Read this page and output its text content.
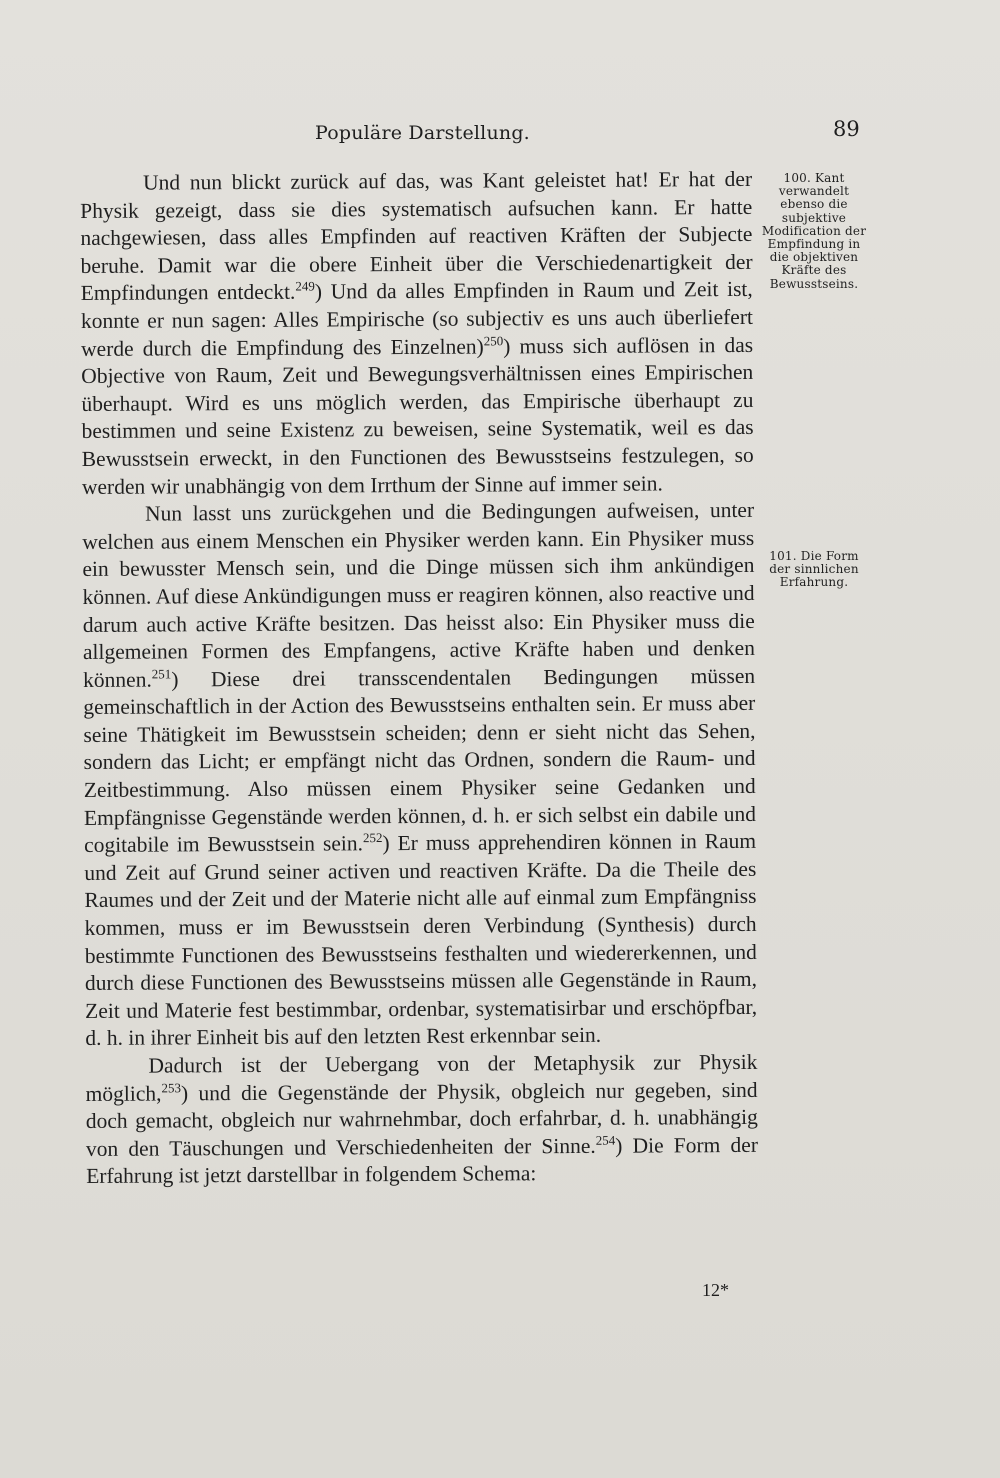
Populäre Darstellung.	89
100. Kant verwandelt ebenso die subjektive Modification der Empfindung in die objektiven Kräfte des Bewusstseins.
101. Die Form der sinnlichen Erfahrung.

Und nun blickt zurück auf das, was Kant geleistet hat! Er hat der Physik gezeigt, dass sie dies systematisch aufsuchen kann. Er hatte nachgewiesen, dass alles Empfinden auf reactiven Kräften der Subjecte beruhe. Damit war die obere Einheit über die Verschiedenartigkeit der Empfindungen entdeckt.$^{249}$) Und da alles Empfinden in Raum und Zeit ist, konnte er nun sagen: Alles Empirische (so subjectiv es uns auch überliefert werde durch die Empfindung des Einzelnen)$^{250}$) muss sich auflösen in das Objective von Raum, Zeit und Bewegungsverhältnissen eines Empirischen überhaupt. Wird es uns möglich werden, das Empirische überhaupt zu bestimmen und seine Existenz zu beweisen, seine Systematik, weil es das Bewusstsein erweckt, in den Functionen des Bewusstseins festzulegen, so werden wir unabhängig von dem Irrthum der Sinne auf immer sein.

Nun lasst uns zurückgehen und die Bedingungen aufweisen, unter welchen aus einem Menschen ein Physiker werden kann. Ein Physiker muss ein bewusster Mensch sein, und die Dinge müssen sich ihm ankündigen können. Auf diese Ankündigungen muss er reagiren können, also reactive und darum auch active Kräfte besitzen. Das heisst also: Ein Physiker muss die allgemeinen Formen des Empfangens, active Kräfte haben und denken können.$^{251}$) Diese drei transscendentalen Bedingungen müssen gemeinschaftlich in der Action des Bewusstseins enthalten sein. Er muss aber seine Thätigkeit im Bewusstsein scheiden; denn er sieht nicht das Sehen, sondern das Licht; er empfängt nicht das Ordnen, sondern die Raum- und Zeitbestimmung. Also müssen einem Physiker seine Gedanken und Empfängnisse Gegenstände werden können, d. h. er sich selbst ein dabile und cogitabile im Bewusstsein sein.$^{252}$) Er muss apprehendiren können in Raum und Zeit auf Grund seiner activen und reactiven Kräfte. Da die Theile des Raumes und der Zeit und der Materie nicht alle auf einmal zum Empfängniss kommen, muss er im Bewusstsein deren Verbindung (Synthesis) durch bestimmte Functionen des Bewusstseins festhalten und wiedererkennen, und durch diese Functionen des Bewusstseins müssen alle Gegenstände in Raum, Zeit und Materie fest bestimmbar, ordenbar, systematisirbar und erschöpfbar, d. h. in ihrer Einheit bis auf den letzten Rest erkennbar sein.

Dadurch ist der Uebergang von der Metaphysik zur Physik möglich,$^{253}$) und die Gegenstände der Physik, obgleich nur gegeben, sind doch gemacht, obgleich nur wahrnehmbar, doch erfahrbar, d. h. unabhängig von den Täuschungen und Verschiedenheiten der Sinne.$^{254}$) Die Form der Erfahrung ist jetzt darstellbar in folgendem Schema:

12*
